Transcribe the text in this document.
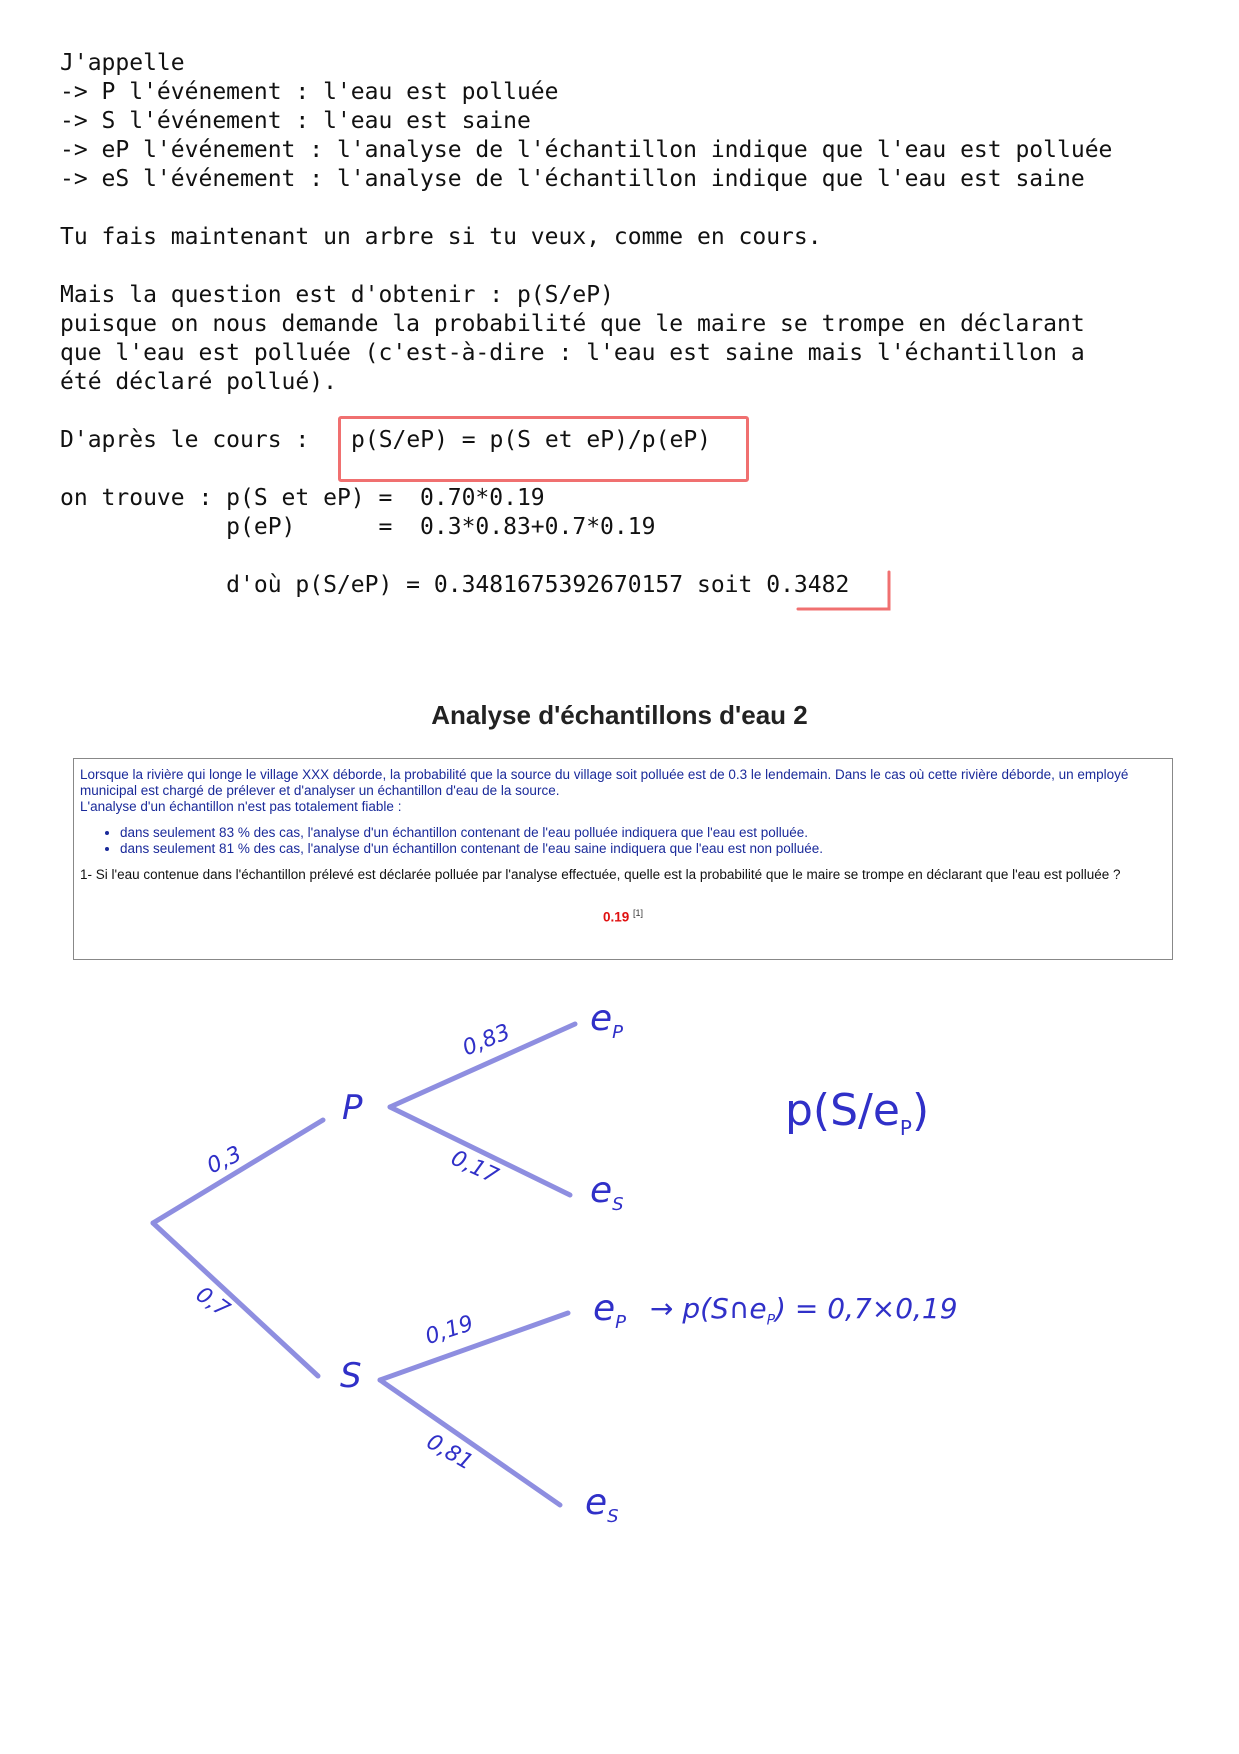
J'appelle
-> P l'événement : l'eau est polluée
-> S l'événement : l'eau est saine
-> eP l'événement : l'analyse de l'échantillon indique que l'eau est polluée
-> eS l'événement : l'analyse de l'échantillon indique que l'eau est saine
Tu fais maintenant un arbre si tu veux, comme en cours.
Mais la question est d'obtenir : p(S/eP)
puisque on nous demande la probabilité que le maire se trompe en déclarant
que l'eau est polluée (c'est-à-dire : l'eau est saine mais l'échantillon a
été déclaré pollué).
D'après le cours : p(S/eP) = p(S et eP)/p(eP)
on trouve : p(S et eP) =  0.70*0.19
p(eP)      =  0.3*0.83+0.7*0.19
d'où p(S/eP) = 0.3481675392670157 soit 0.3482
Analyse d'échantillons d'eau 2
Lorsque la rivière qui longe le village XXX déborde, la probabilité que la source du village soit polluée est de 0.3 le lendemain. Dans le cas où cette rivière déborde, un employé municipal est chargé de prélever et d'analyser un échantillon d'eau de la source.
L'analyse d'un échantillon n'est pas totalement fiable :
• dans seulement 83 % des cas, l'analyse d'un échantillon contenant de l'eau polluée indiquera que l'eau est polluée.
• dans seulement 81 % des cas, l'analyse d'un échantillon contenant de l'eau saine indiquera que l'eau est non polluée.
1- Si l'eau contenue dans l'échantillon prélevé est déclarée polluée par l'analyse effectuée, quelle est la probabilité que le maire se trompe en déclarant que l'eau est polluée ?
0.19 [1]
P
S
0,3
0,7
0,83
0,17
0,19
0,81
$e_P$
$e_S$
$e_P$
$e_S$
→ $p(S\cap e_P) = 0,7\times 0,19$
$p(S/e_P)$
